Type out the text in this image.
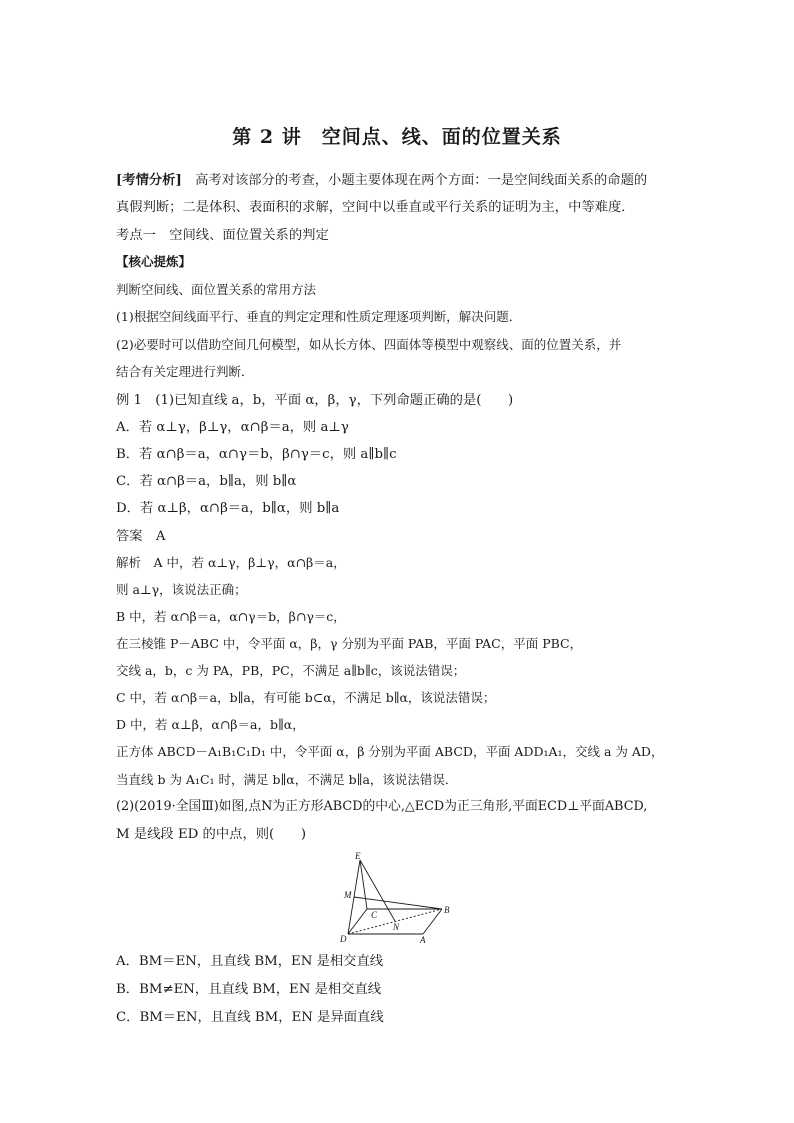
第 2 讲　空间点、线、面的位置关系
[考情分析]　高考对该部分的考查，小题主要体现在两个方面：一是空间线面关系的命题的
真假判断；二是体积、表面积的求解，空间中以垂直或平行关系的证明为主，中等难度．
考点一　空间线、面位置关系的判定
【核心提炼】
判断空间线、面位置关系的常用方法
(1)根据空间线面平行、垂直的判定定理和性质定理逐项判断，解决问题．
(2)必要时可以借助空间几何模型，如从长方体、四面体等模型中观察线、面的位置关系，并
结合有关定理进行判断．
例 1　(1)已知直线 a，b，平面 α，β，γ，下列命题正确的是(　　)
A．若 α⊥γ，β⊥γ，α∩β＝a，则 a⊥γ
B．若 α∩β＝a，α∩γ＝b，β∩γ＝c，则 a∥b∥c
C．若 α∩β＝a，b∥a，则 b∥α
D．若 α⊥β，α∩β＝a，b∥α，则 b∥a
答案　A
解析　A 中，若 α⊥γ，β⊥γ，α∩β＝a，
则 a⊥γ，该说法正确；
B 中，若 α∩β＝a，α∩γ＝b，β∩γ＝c，
在三棱锥 P－ABC 中，令平面 α，β，γ 分别为平面 PAB，平面 PAC，平面 PBC，
交线 a，b，c 为 PA，PB，PC，不满足 a∥b∥c，该说法错误；
C 中，若 α∩β＝a，b∥a，有可能 b⊂α，不满足 b∥α，该说法错误；
D 中，若 α⊥β，α∩β＝a，b∥α，
正方体 ABCD－A₁B₁C₁D₁ 中，令平面 α，β 分别为平面 ABCD，平面 ADD₁A₁，交线 a 为 AD，
当直线 b 为 A₁C₁ 时，满足 b∥α，不满足 b∥a，该说法错误．
(2)(2019·全国Ⅲ)如图,点N为正方形ABCD的中心,△ECD为正三角形,平面ECD⊥平面ABCD,
M 是线段 ED 的中点，则(　　)
E
M
C
N
B
D	A
A．BM＝EN，且直线 BM，EN 是相交直线
B．BM≠EN，且直线 BM，EN 是相交直线
C．BM＝EN，且直线 BM，EN 是异面直线
